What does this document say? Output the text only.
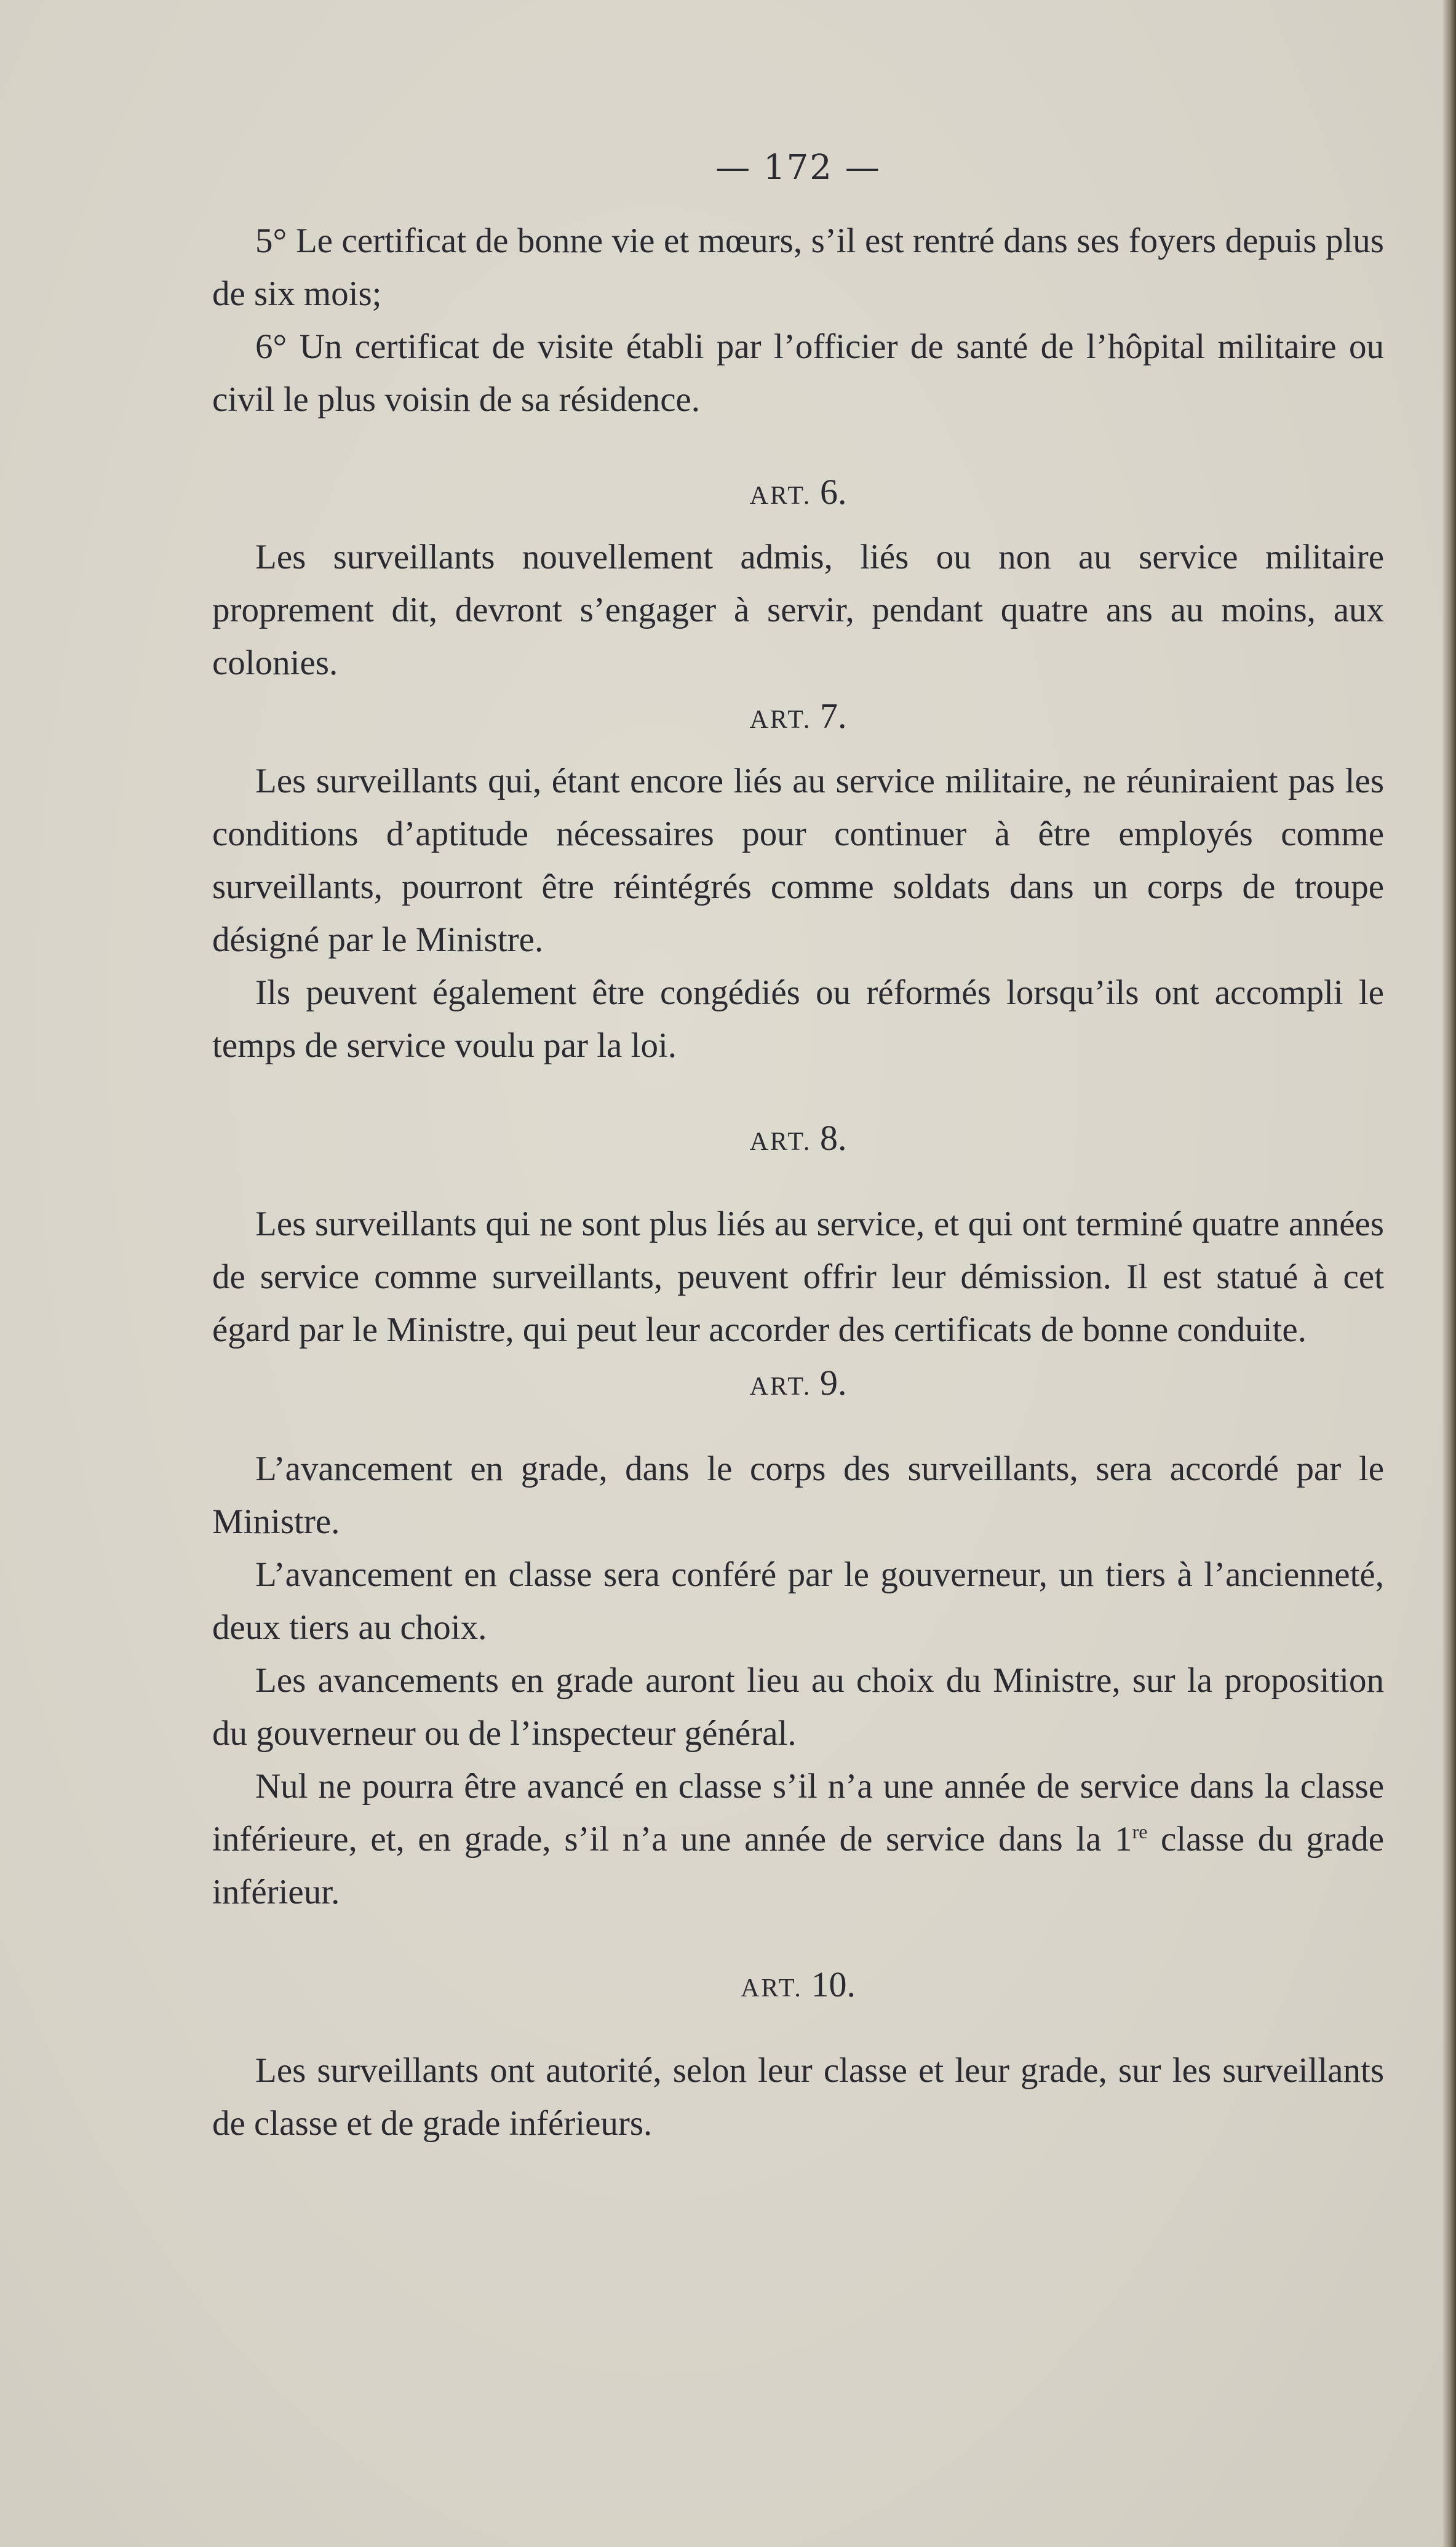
— 172 —

5° Le certificat de bonne vie et mœurs, s’il est rentré dans ses foyers depuis plus de six mois;

6° Un certificat de visite établi par l’officier de santé de l’hôpital militaire ou civil le plus voisin de sa résidence.

ART. 6.

Les surveillants nouvellement admis, liés ou non au service militaire proprement dit, devront s’engager à servir, pendant quatre ans au moins, aux colonies.

ART. 7.

Les surveillants qui, étant encore liés au service militaire, ne réuniraient pas les conditions d’aptitude nécessaires pour continuer à être employés comme surveillants, pourront être réintégrés comme soldats dans un corps de troupe désigné par le Ministre.

Ils peuvent également être congédiés ou réformés lorsqu’ils ont accompli le temps de service voulu par la loi.

ART. 8.

Les surveillants qui ne sont plus liés au service, et qui ont terminé quatre années de service comme surveillants, peuvent offrir leur démission. Il est statué à cet égard par le Ministre, qui peut leur accorder des certificats de bonne conduite.

ART. 9.

L’avancement en grade, dans le corps des surveillants, sera accordé par le Ministre.

L’avancement en classe sera conféré par le gouverneur, un tiers à l’ancienneté, deux tiers au choix.

Les avancements en grade auront lieu au choix du Ministre, sur la proposition du gouverneur ou de l’inspecteur général.

Nul ne pourra être avancé en classe s’il n’a une année de service dans la classe inférieure, et, en grade, s’il n’a une année de service dans la 1re classe du grade inférieur.

ART. 10.

Les surveillants ont autorité, selon leur classe et leur grade, sur les surveillants de classe et de grade inférieurs.
